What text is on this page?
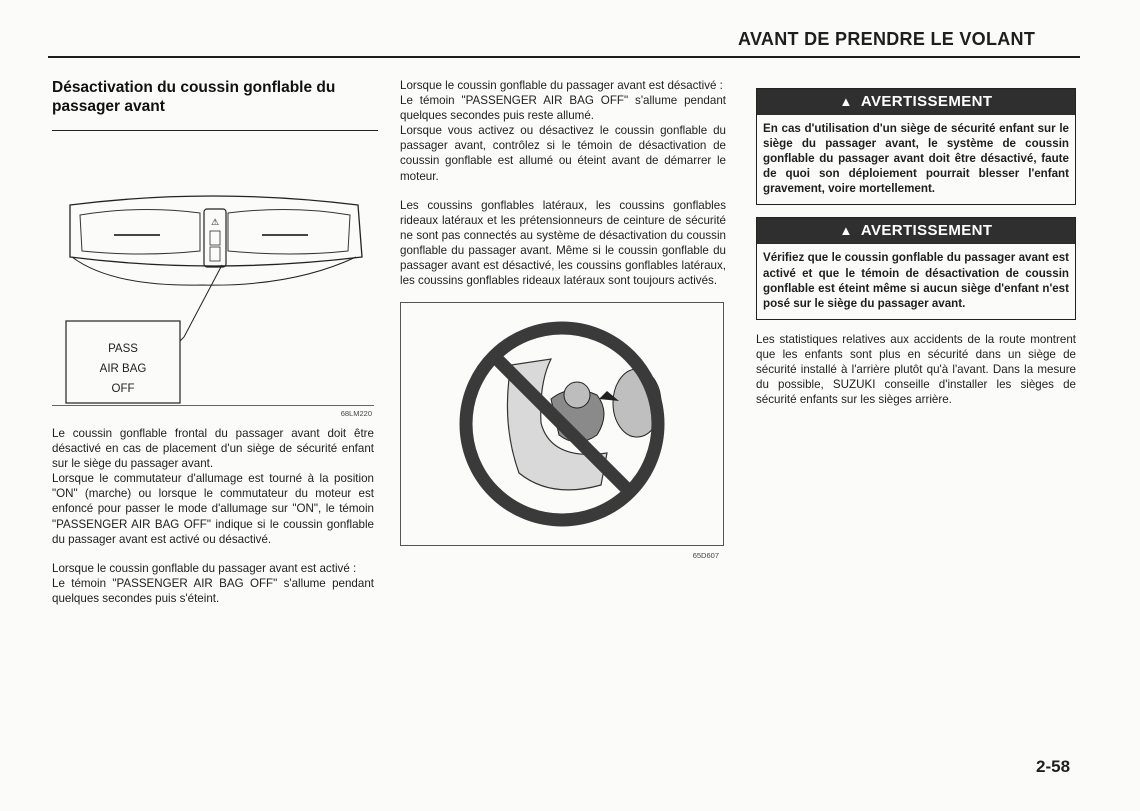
AVANT DE PRENDRE LE VOLANT
Désactivation du coussin gonflable du passager avant
⚠
PASS
AIR BAG
OFF
68LM220

Le coussin gonflable frontal du passager avant doit être désactivé en cas de placement d'un siège de sécurité enfant sur le siège du passager avant.

Lorsque le commutateur d'allumage est tourné à la position "ON" (marche) ou lorsque le commutateur du moteur est enfoncé pour passer le mode d'allumage sur "ON", le témoin "PASSENGER AIR BAG OFF" indique si le coussin gonflable du passager avant est activé ou désactivé.

Lorsque le coussin gonflable du passager avant est activé :

Le témoin "PASSENGER AIR BAG OFF" s'allume pendant quelques secondes puis s'éteint.

Lorsque le coussin gonflable du passager avant est désactivé :

Le témoin "PASSENGER AIR BAG OFF" s'allume pendant quelques secondes puis reste allumé.

Lorsque vous activez ou désactivez le coussin gonflable du passager avant, contrôlez si le témoin de désactivation de coussin gonflable est allumé ou éteint avant de démarrer le moteur.

Les coussins gonflables latéraux, les coussins gonflables rideaux latéraux et les prétensionneurs de ceinture de sécurité ne sont pas connectés au système de désactivation du coussin gonflable du passager avant. Même si le coussin gonflable du passager avant est désactivé, les coussins gonflables latéraux, les coussins gonflables rideaux latéraux sont toujours activés.

65D607
▲ AVERTISSEMENT
En cas d'utilisation d'un siège de sécurité enfant sur le siège du passager avant, le système de coussin gonflable du passager avant doit être désactivé, faute de quoi son déploiement pourrait blesser l'enfant gravement, voire mortellement.
▲ AVERTISSEMENT
Vérifiez que le coussin gonflable du passager avant est activé et que le témoin de désactivation de coussin gonflable est éteint même si aucun siège d'enfant n'est posé sur le siège du passager avant.

Les statistiques relatives aux accidents de la route montrent que les enfants sont plus en sécurité dans un siège de sécurité installé à l'arrière plutôt qu'à l'avant. Dans la mesure du possible, SUZUKI conseille d'installer les sièges de sécurité enfants sur les sièges arrière.

2-58
